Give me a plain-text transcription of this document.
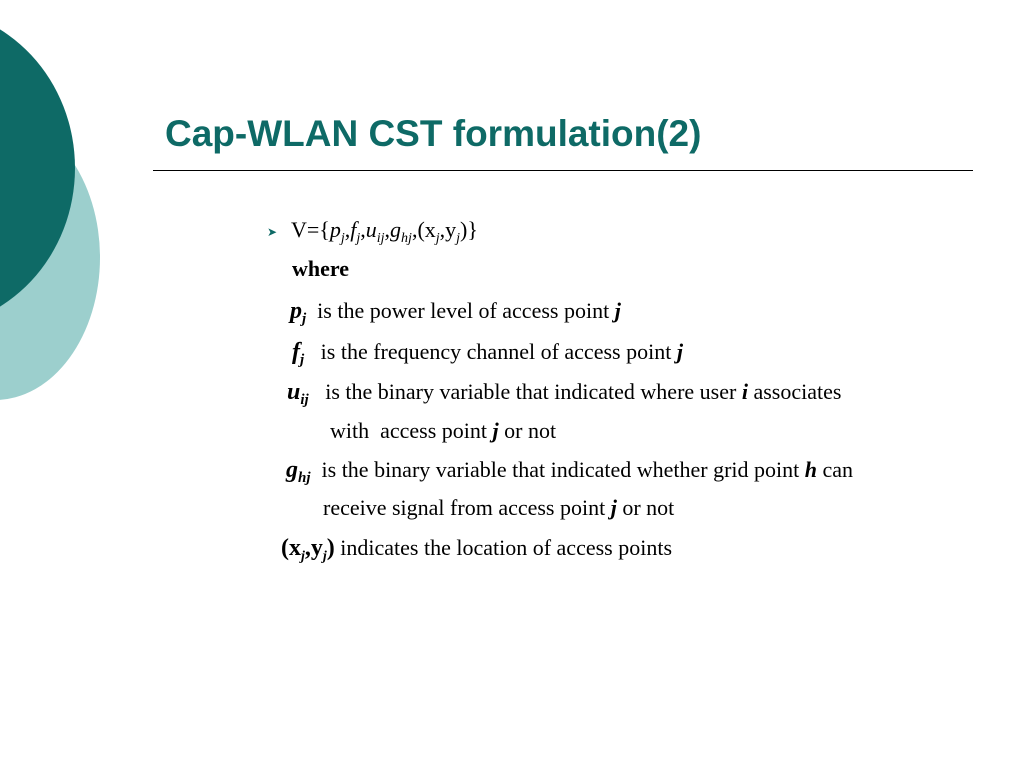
Cap-WLAN CST formulation(2)
➤ $V=\{p_j,f_j,u_{ij},g_{hj},(x_j,y_j)\}$
where
$p_j$ is the power level of access point j
$f_j$ is the frequency channel of access point j
$u_{ij}$ is the binary variable that indicated where user i associates
with  access point j or not
$g_{hj}$ is the binary variable that indicated whether grid point h can
receive signal from access point j or not
$(x_j,y_j)$ indicates the location of access points
